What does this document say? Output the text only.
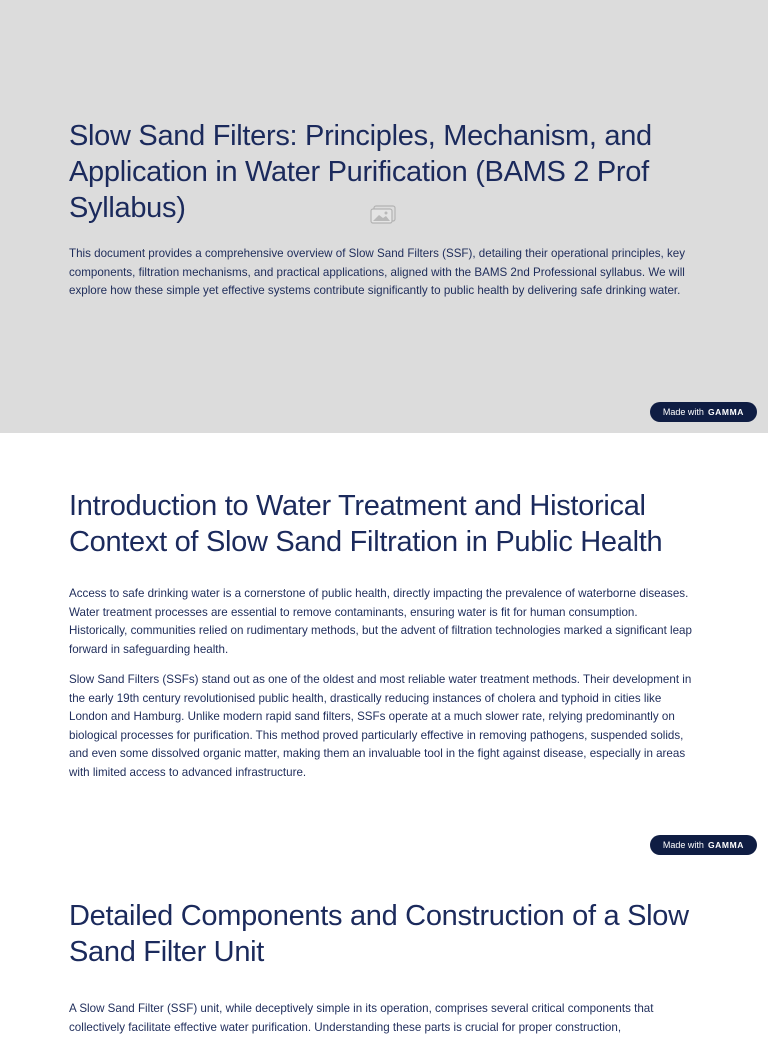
Slow Sand Filters: Principles, Mechanism, and Application in Water Purification (BAMS 2 Prof Syllabus)

This document provides a comprehensive overview of Slow Sand Filters (SSF), detailing their operational principles, key components, filtration mechanisms, and practical applications, aligned with the BAMS 2nd Professional syllabus. We will explore how these simple yet effective systems contribute significantly to public health by delivering safe drinking water.

Made with GAMMA
Introduction to Water Treatment and Historical Context of Slow Sand Filtration in Public Health

Access to safe drinking water is a cornerstone of public health, directly impacting the prevalence of waterborne diseases. Water treatment processes are essential to remove contaminants, ensuring water is fit for human consumption. Historically, communities relied on rudimentary methods, but the advent of filtration technologies marked a significant leap forward in safeguarding health.

Slow Sand Filters (SSFs) stand out as one of the oldest and most reliable water treatment methods. Their development in the early 19th century revolutionised public health, drastically reducing instances of cholera and typhoid in cities like London and Hamburg. Unlike modern rapid sand filters, SSFs operate at a much slower rate, relying predominantly on biological processes for purification. This method proved particularly effective in removing pathogens, suspended solids, and even some dissolved organic matter, making them an invaluable tool in the fight against disease, especially in areas with limited access to advanced infrastructure.

Made with GAMMA
Detailed Components and Construction of a Slow Sand Filter Unit

A Slow Sand Filter (SSF) unit, while deceptively simple in its operation, comprises several critical components that collectively facilitate effective water purification. Understanding these parts is crucial for proper construction,
